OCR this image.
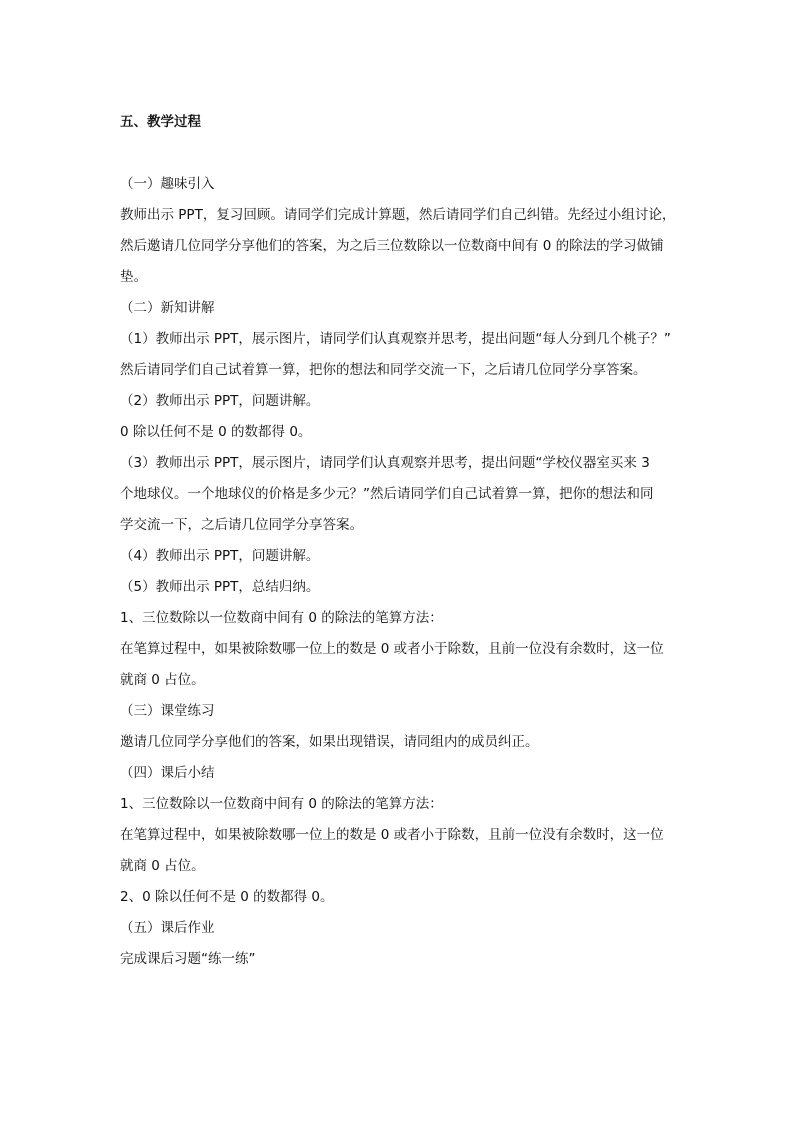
五、教学过程

（一）趣味引入
教师出示 PPT，复习回顾。请同学们完成计算题，然后请同学们自己纠错。先经过小组讨论，
然后邀请几位同学分享他们的答案，为之后三位数除以一位数商中间有 0 的除法的学习做铺
垫。
（二）新知讲解
（1）教师出示 PPT，展示图片，请同学们认真观察并思考，提出问题“每人分到几个桃子？”
然后请同学们自己试着算一算，把你的想法和同学交流一下，之后请几位同学分享答案。
（2）教师出示 PPT，问题讲解。
0 除以任何不是 0 的数都得 0。
（3）教师出示 PPT，展示图片，请同学们认真观察并思考，提出问题“学校仪器室买来 3
个地球仪。一个地球仪的价格是多少元？”然后请同学们自己试着算一算，把你的想法和同
学交流一下，之后请几位同学分享答案。
（4）教师出示 PPT，问题讲解。
（5）教师出示 PPT，总结归纳。
1、三位数除以一位数商中间有 0 的除法的笔算方法：
在笔算过程中，如果被除数哪一位上的数是 0 或者小于除数，且前一位没有余数时，这一位
就商 0 占位。
（三）课堂练习
邀请几位同学分享他们的答案，如果出现错误，请同组内的成员纠正。
（四）课后小结
1、三位数除以一位数商中间有 0 的除法的笔算方法：
在笔算过程中，如果被除数哪一位上的数是 0 或者小于除数，且前一位没有余数时，这一位
就商 0 占位。
2、0 除以任何不是 0 的数都得 0。
（五）课后作业
完成课后习题“练一练”
